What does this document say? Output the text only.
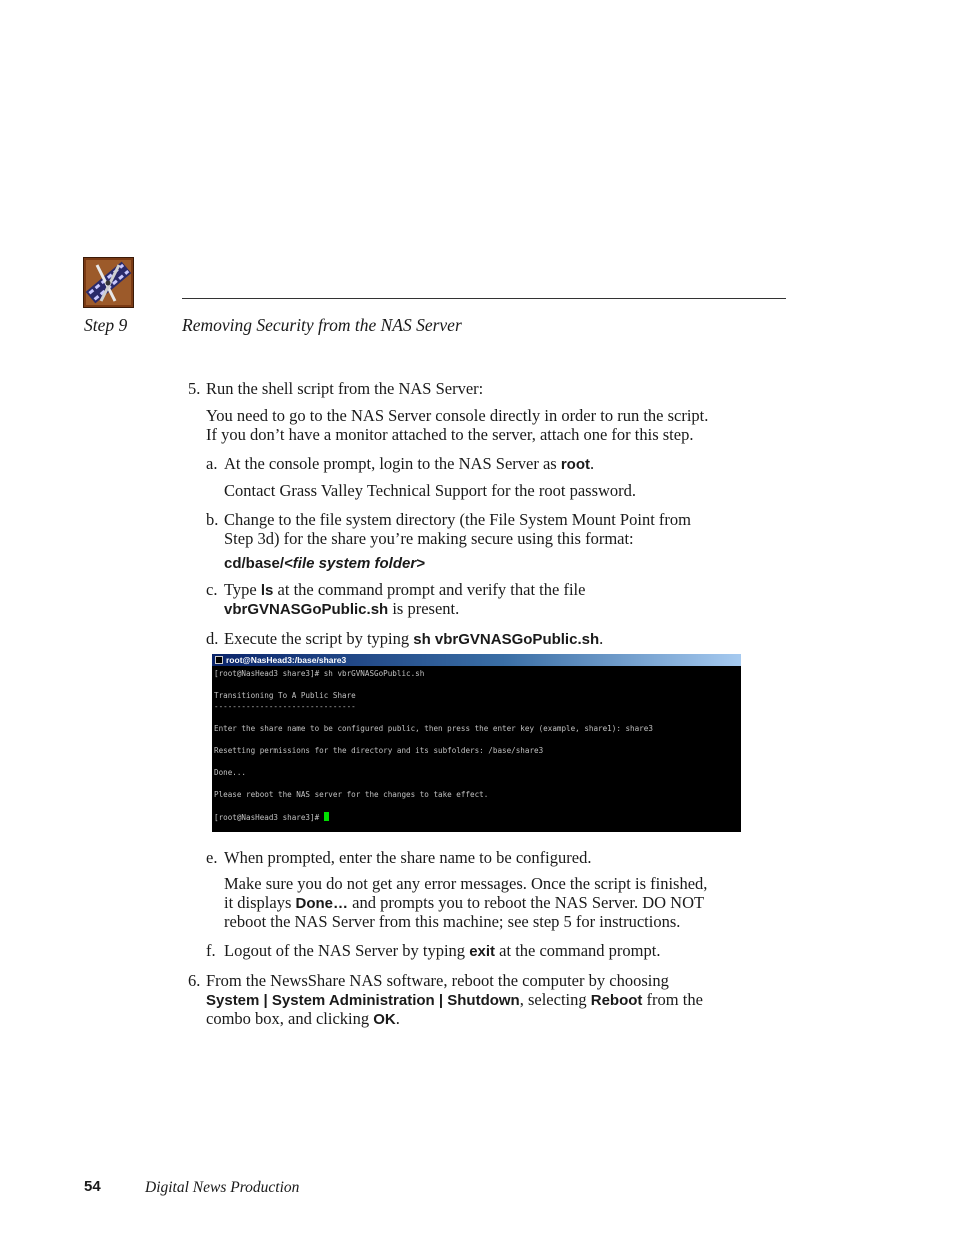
Step 9	Removing Security from the NAS Server
5. Run the shell script from the NAS Server:
You need to go to the NAS Server console directly in order to run the script.
If you don’t have a monitor attached to the server, attach one for this step.
a. At the console prompt, login to the NAS Server as root.
Contact Grass Valley Technical Support for the root password.
b. Change to the file system directory (the File System Mount Point from
Step 3d) for the share you’re making secure using this format:
cd/base/<file system folder>
c. Type ls at the command prompt and verify that the file
vbrGVNASGoPublic.sh is present.
d. Execute the script by typing sh vbrGVNASGoPublic.sh.
root@NasHead3:/base/share3
[root@NasHead3 share3]# sh vbrGVNASGoPublic.sh
Transitioning To A Public Share
-------------------------------
Enter the share name to be configured public, then press the enter key (example, share1): share3
Resetting permissions for the directory and its subfolders: /base/share3
Done...
Please reboot the NAS server for the changes to take effect.
[root@NasHead3 share3]#
e. When prompted, enter the share name to be configured.
Make sure you do not get any error messages. Once the script is finished,
it displays Done… and prompts you to reboot the NAS Server. DO NOT
reboot the NAS Server from this machine; see step 5 for instructions.
f. Logout of the NAS Server by typing exit at the command prompt.
6. From the NewsShare NAS software, reboot the computer by choosing
System | System Administration | Shutdown, selecting Reboot from the
combo box, and clicking OK.
54	Digital News Production
